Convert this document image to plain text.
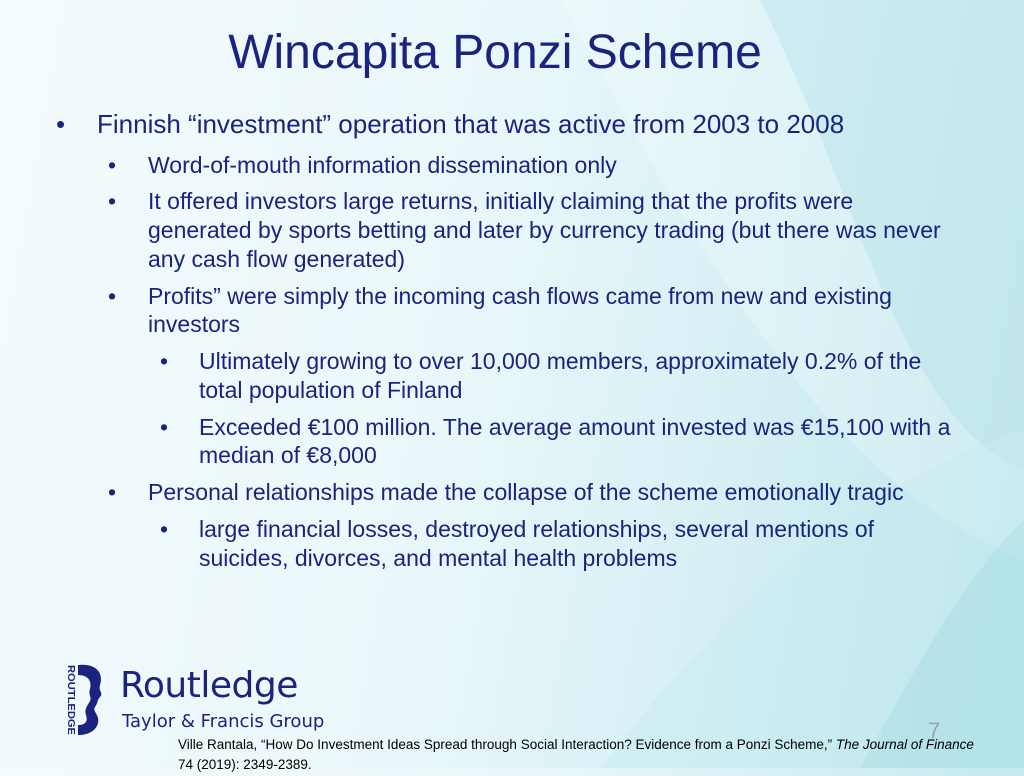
Wincapita Ponzi Scheme
• Finnish “investment” operation that was active from 2003 to 2008
• Word-of-mouth information dissemination only
• It offered investors large returns, initially claiming that the profits were generated by sports betting and later by currency trading (but there was never any cash flow generated)
• Profits” were simply the incoming cash flows came from new and existing investors
• Ultimately growing to over 10,000 members, approximately 0.2% of the total population of Finland
• Exceeded €100 million. The average amount invested was €15,100 with a median of €8,000
• Personal relationships made the collapse of the scheme emotionally tragic
• large financial losses, destroyed relationships, several mentions of suicides, divorces, and mental health problems
ROUTLEDGE Routledge
Taylor & Francis Group	7
Ville Rantala, “How Do Investment Ideas Spread through Social Interaction? Evidence from a Ponzi Scheme,” The Journal of Finance 74 (2019): 2349-2389.
